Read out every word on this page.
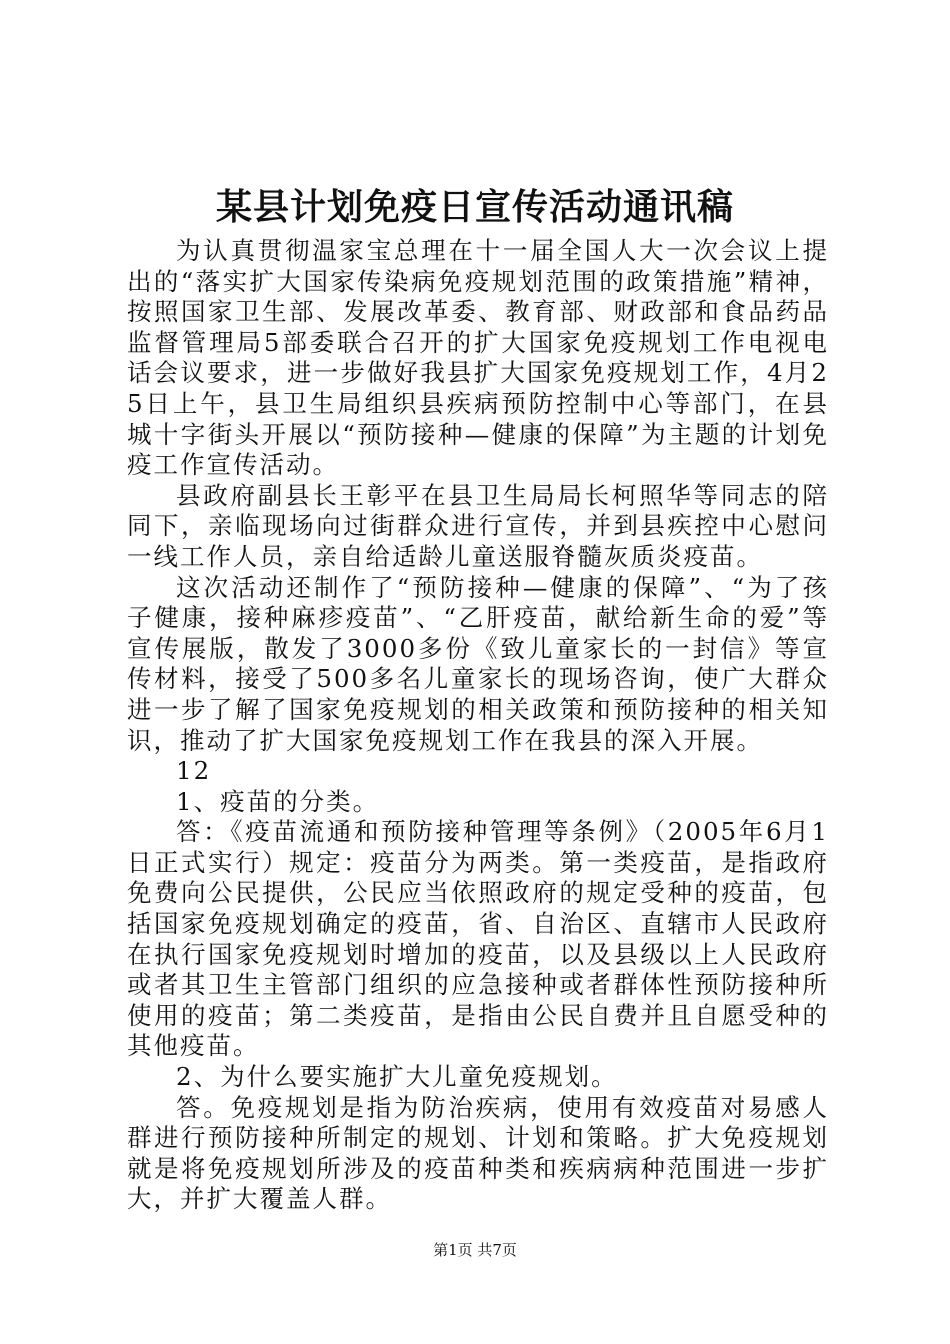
某县计划免疫日宣传活动通讯稿

为认真贯彻温家宝总理在十一届全国人大一次会议上提出的“落实扩大国家传染病免疫规划范围的政策措施”精神，按照国家卫生部、发展改革委、教育部、财政部和食品药品监督管理局5部委联合召开的扩大国家免疫规划工作电视电话会议要求，进一步做好我县扩大国家免疫规划工作，4月25日上午，县卫生局组织县疾病预防控制中心等部门，在县城十字街头开展以“预防接种—健康的保障”为主题的计划免疫工作宣传活动。

县政府副县长王彰平在县卫生局局长柯照华等同志的陪同下，亲临现场向过街群众进行宣传，并到县疾控中心慰问一线工作人员，亲自给适龄儿童送服脊髓灰质炎疫苗。

这次活动还制作了“预防接种—健康的保障”、“为了孩子健康，接种麻疹疫苗”、“乙肝疫苗，献给新生命的爱”等宣传展版，散发了3000多份《致儿童家长的一封信》等宣传材料，接受了500多名儿童家长的现场咨询，使广大群众进一步了解了国家免疫规划的相关政策和预防接种的相关知识，推动了扩大国家免疫规划工作在我县的深入开展。

12

1、疫苗的分类。

答：《疫苗流通和预防接种管理等条例》（2005年6月1日正式实行）规定：疫苗分为两类。第一类疫苗，是指政府免费向公民提供，公民应当依照政府的规定受种的疫苗，包括国家免疫规划确定的疫苗，省、自治区、直辖市人民政府在执行国家免疫规划时增加的疫苗，以及县级以上人民政府或者其卫生主管部门组织的应急接种或者群体性预防接种所使用的疫苗；第二类疫苗，是指由公民自费并且自愿受种的其他疫苗。

2、为什么要实施扩大儿童免疫规划。

答。免疫规划是指为防治疾病，使用有效疫苗对易感人群进行预防接种所制定的规划、计划和策略。扩大免疫规划就是将免疫规划所涉及的疫苗种类和疾病病种范围进一步扩大，并扩大覆盖人群。

第1页 共7页
